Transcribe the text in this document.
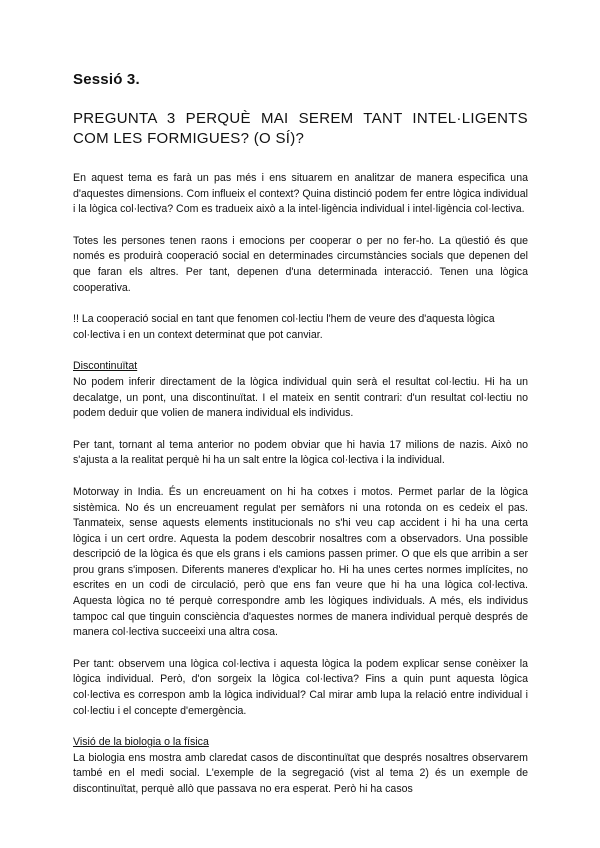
Sessió 3.
PREGUNTA 3 PERQUÈ MAI SEREM TANT INTEL·LIGENTS COM LES FORMIGUES? (O SÍ)?

En aquest tema es farà un pas més i ens situarem en analitzar de manera especifica una d'aquestes dimensions. Com influeix el context? Quina distinció podem fer entre lògica individual i la lògica col·lectiva? Com es tradueix això a la intel·ligència individual i intel·ligència col·lectiva.

Totes les persones tenen raons i emocions per cooperar o per no fer-ho. La qüestió és que només es produirà cooperació social en determinades circumstàncies socials que depenen del que faran els altres. Per tant, depenen d'una determinada interacció. Tenen una lògica cooperativa.

!! La cooperació social en tant que fenomen col·lectiu l'hem de veure des d'aquesta lògica col·lectiva i en un context determinat que pot canviar.

Discontinuïtat

No podem inferir directament de la lògica individual quin serà el resultat col·lectiu. Hi ha un decalatge, un pont, una discontinuïtat. I el mateix en sentit contrari: d'un resultat col·lectiu no podem deduir que volien de manera individual els individus.

Per tant, tornant al tema anterior no podem obviar que hi havia 17 milions de nazis. Això no s'ajusta a la realitat perquè hi ha un salt entre la lògica col·lectiva i la individual.

Motorway in India. És un encreuament on hi ha cotxes i motos. Permet parlar de la lògica sistèmica. No és un encreuament regulat per semàfors ni una rotonda on es cedeix el pas. Tanmateix, sense aquests elements institucionals no s'hi veu cap accident i hi ha una certa lògica i un cert ordre. Aquesta la podem descobrir nosaltres com a observadors. Una possible descripció de la lògica és que els grans i els camions passen primer. O que els que arribin a ser prou grans s'imposen. Diferents maneres d'explicar ho. Hi ha unes certes normes implícites, no escrites en un codi de circulació, però que ens fan veure que hi ha una lògica col·lectiva. Aquesta lògica no té perquè correspondre amb les lògiques individuals. A més, els individus tampoc cal que tinguin consciència d'aquestes normes de manera individual perquè després de manera col·lectiva succeeixi una altra cosa.

Per tant: observem una lògica col·lectiva i aquesta lògica la podem explicar sense conèixer la lògica individual. Però, d'on sorgeix la lògica col·lectiva? Fins a quin punt aquesta lògica col·lectiva es correspon amb la lògica individual? Cal mirar amb lupa la relació entre individual i col·lectiu i el concepte d'emergència.

Visió de la biologia o la física

La biologia ens mostra amb claredat casos de discontinuïtat que després nosaltres observarem també en el medi social. L'exemple de la segregació (vist al tema 2) és un exemple de discontinuïtat, perquè allò que passava no era esperat. Però hi ha casos
